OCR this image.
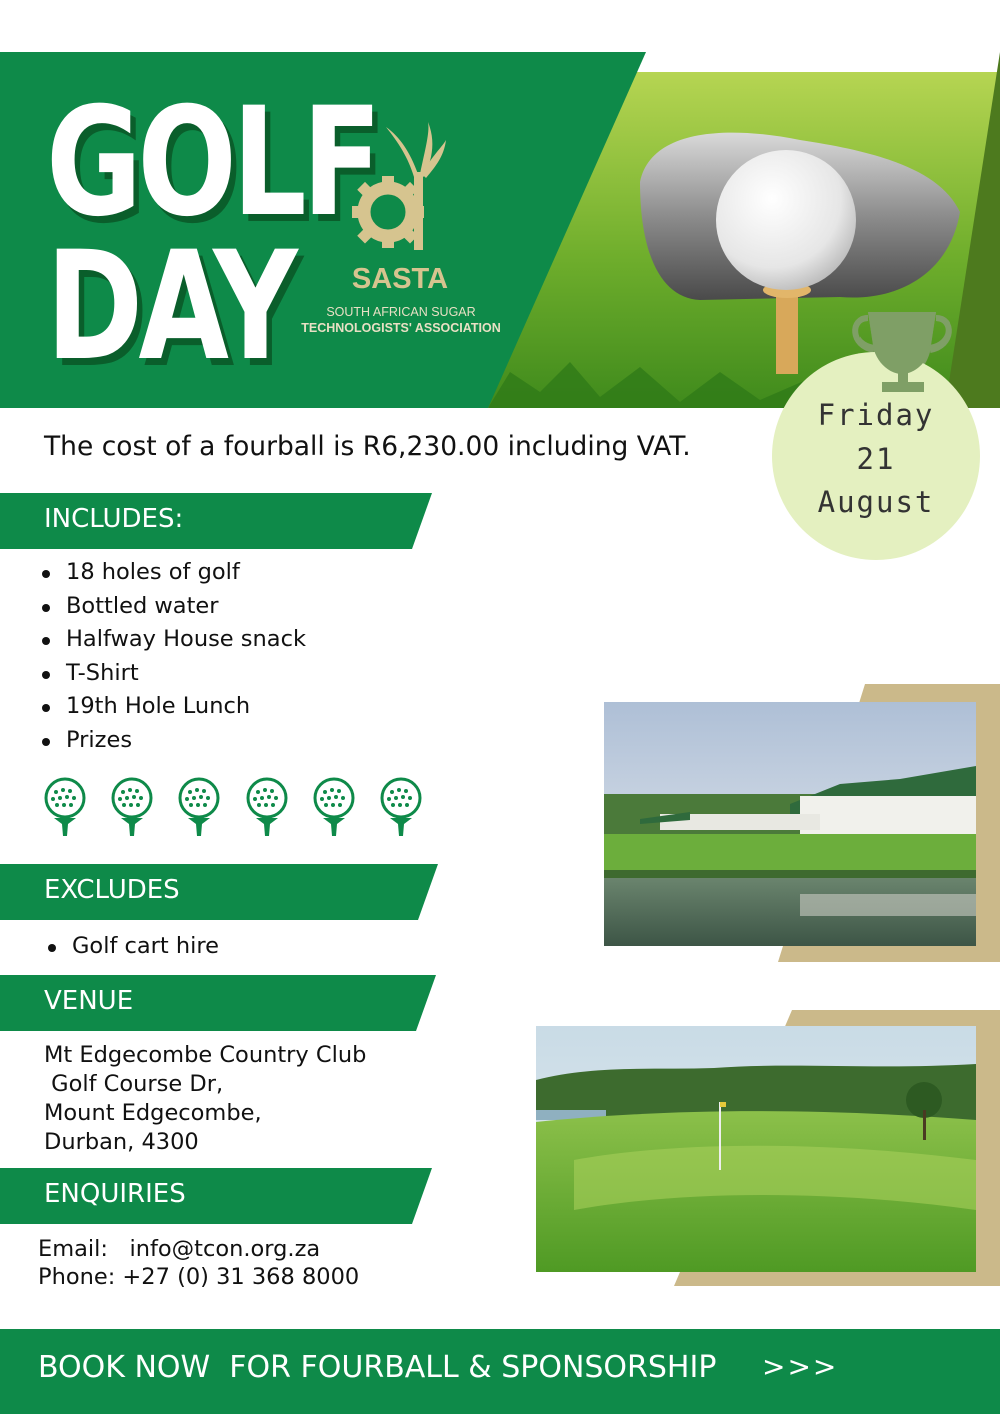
GOLF
DAY	SASTA
SOUTH AFRICAN SUGAR
TECHNOLOGISTS' ASSOCIATION
Friday
21
August
The cost of a fourball is R6,230.00 including VAT.
INCLUDES:
18 holes of golf
Bottled water
Halfway House snack
T-Shirt
19th Hole Lunch
Prizes
EXCLUDES
Golf cart hire
VENUE
Mt Edgecombe Country Club
Golf Course Dr,
Mount Edgecombe,
Durban, 4300
ENQUIRIES
Email:   info@tcon.org.za
Phone: +27 (0) 31 368 8000
BOOK NOW  FOR FOURBALL & SPONSORSHIP >>>
